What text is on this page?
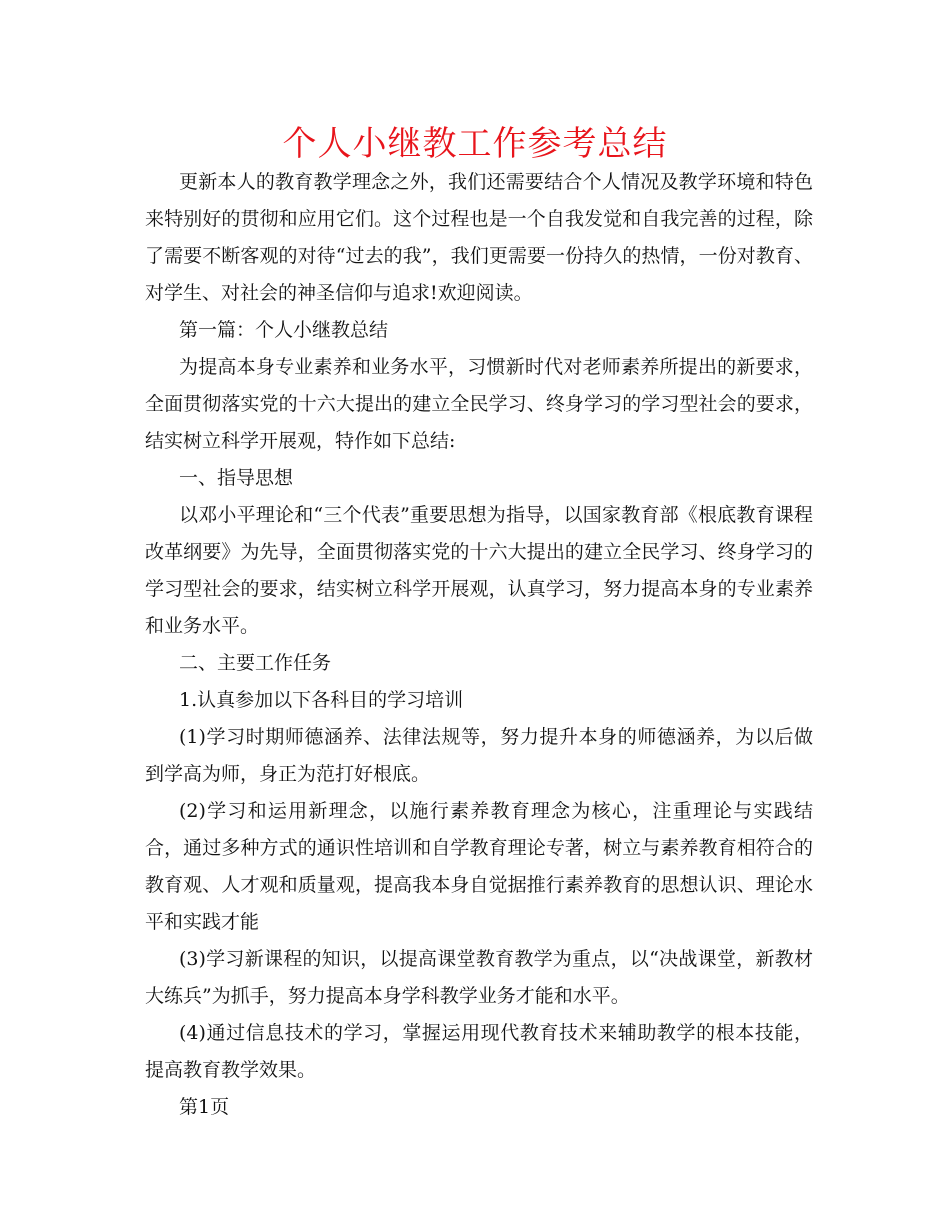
个人小继教工作参考总结

更新本人的教育教学理念之外，我们还需要结合个人情况及教学环境和特色来特别好的贯彻和应用它们。这个过程也是一个自我发觉和自我完善的过程，除了需要不断客观的对待“过去的我”，我们更需要一份持久的热情，一份对教育、对学生、对社会的神圣信仰与追求!欢迎阅读。

第一篇：个人小继教总结

为提高本身专业素养和业务水平，习惯新时代对老师素养所提出的新要求，全面贯彻落实党的十六大提出的建立全民学习、终身学习的学习型社会的要求，结实树立科学开展观，特作如下总结:

一、指导思想

以邓小平理论和“三个代表”重要思想为指导，以国家教育部《根底教育课程改革纲要》为先导，全面贯彻落实党的十六大提出的建立全民学习、终身学习的学习型社会的要求，结实树立科学开展观，认真学习，努力提高本身的专业素养和业务水平。

二、主要工作任务

1.认真参加以下各科目的学习培训

(1)学习时期师德涵养、法律法规等，努力提升本身的师德涵养，为以后做到学高为师，身正为范打好根底。

(2)学习和运用新理念，以施行素养教育理念为核心，注重理论与实践结合，通过多种方式的通识性培训和自学教育理论专著，树立与素养教育相符合的教育观、人才观和质量观，提高我本身自觉据推行素养教育的思想认识、理论水平和实践才能

(3)学习新课程的知识，以提高课堂教育教学为重点，以“决战课堂，新教材大练兵”为抓手，努力提高本身学科教学业务才能和水平。

(4)通过信息技术的学习，掌握运用现代教育技术来辅助教学的根本技能，提高教育教学效果。

第1页
